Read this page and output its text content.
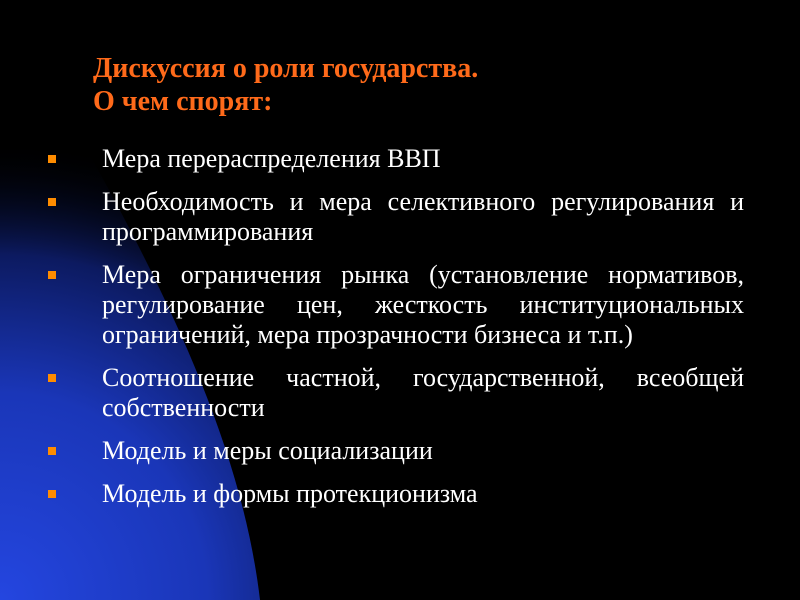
Дискуссия о роли государства.
О чем спорят:
Мера перераспределения ВВП
Необходимость и мера селективного регулирования и программирования
Мера ограничения рынка (установление нормативов, регулирование цен, жесткость институциональных ограничений, мера прозрачности бизнеса и т.п.)
Соотношение частной, государственной, всеобщей собственности
Модель и меры социализации
Модель и формы протекционизма
